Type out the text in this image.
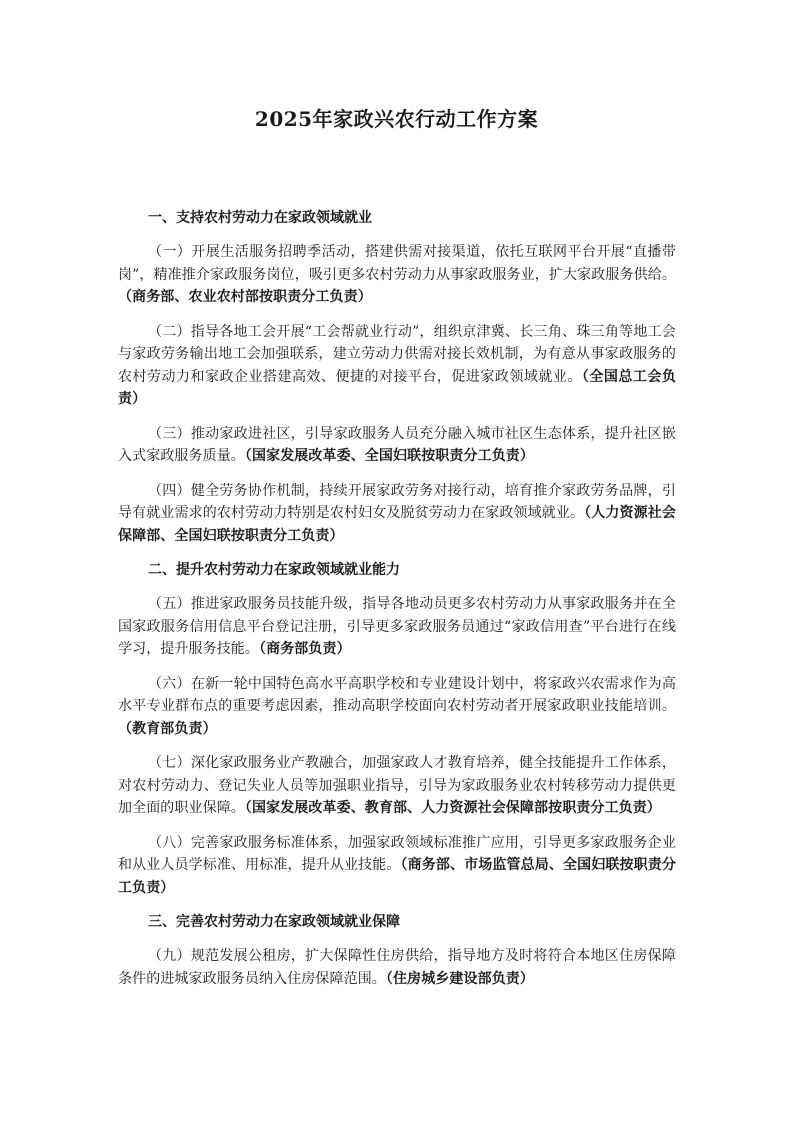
2025年家政兴农行动工作方案
一、支持农村劳动力在家政领域就业

（一）开展生活服务招聘季活动，搭建供需对接渠道，依托互联网平台开展“直播带岗”，精准推介家政服务岗位，吸引更多农村劳动力从事家政服务业，扩大家政服务供给。（商务部、农业农村部按职责分工负责）

（二）指导各地工会开展“工会帮就业行动”，组织京津冀、长三角、珠三角等地工会与家政劳务输出地工会加强联系，建立劳动力供需对接长效机制，为有意从事家政服务的农村劳动力和家政企业搭建高效、便捷的对接平台，促进家政领域就业。（全国总工会负责）

（三）推动家政进社区，引导家政服务人员充分融入城市社区生态体系，提升社区嵌入式家政服务质量。（国家发展改革委、全国妇联按职责分工负责）

（四）健全劳务协作机制，持续开展家政劳务对接行动，培育推介家政劳务品牌，引导有就业需求的农村劳动力特别是农村妇女及脱贫劳动力在家政领域就业。（人力资源社会保障部、全国妇联按职责分工负责）

二、提升农村劳动力在家政领域就业能力

（五）推进家政服务员技能升级，指导各地动员更多农村劳动力从事家政服务并在全国家政服务信用信息平台登记注册，引导更多家政服务员通过“家政信用查”平台进行在线学习，提升服务技能。（商务部负责）

（六）在新一轮中国特色高水平高职学校和专业建设计划中，将家政兴农需求作为高水平专业群布点的重要考虑因素，推动高职学校面向农村劳动者开展家政职业技能培训。（教育部负责）

（七）深化家政服务业产教融合，加强家政人才教育培养，健全技能提升工作体系，对农村劳动力、登记失业人员等加强职业指导，引导为家政服务业农村转移劳动力提供更加全面的职业保障。（国家发展改革委、教育部、人力资源社会保障部按职责分工负责）

（八）完善家政服务标准体系，加强家政领域标准推广应用，引导更多家政服务企业和从业人员学标准、用标准，提升从业技能。（商务部、市场监管总局、全国妇联按职责分工负责）

三、完善农村劳动力在家政领域就业保障

（九）规范发展公租房，扩大保障性住房供给，指导地方及时将符合本地区住房保障条件的进城家政服务员纳入住房保障范围。（住房城乡建设部负责）
